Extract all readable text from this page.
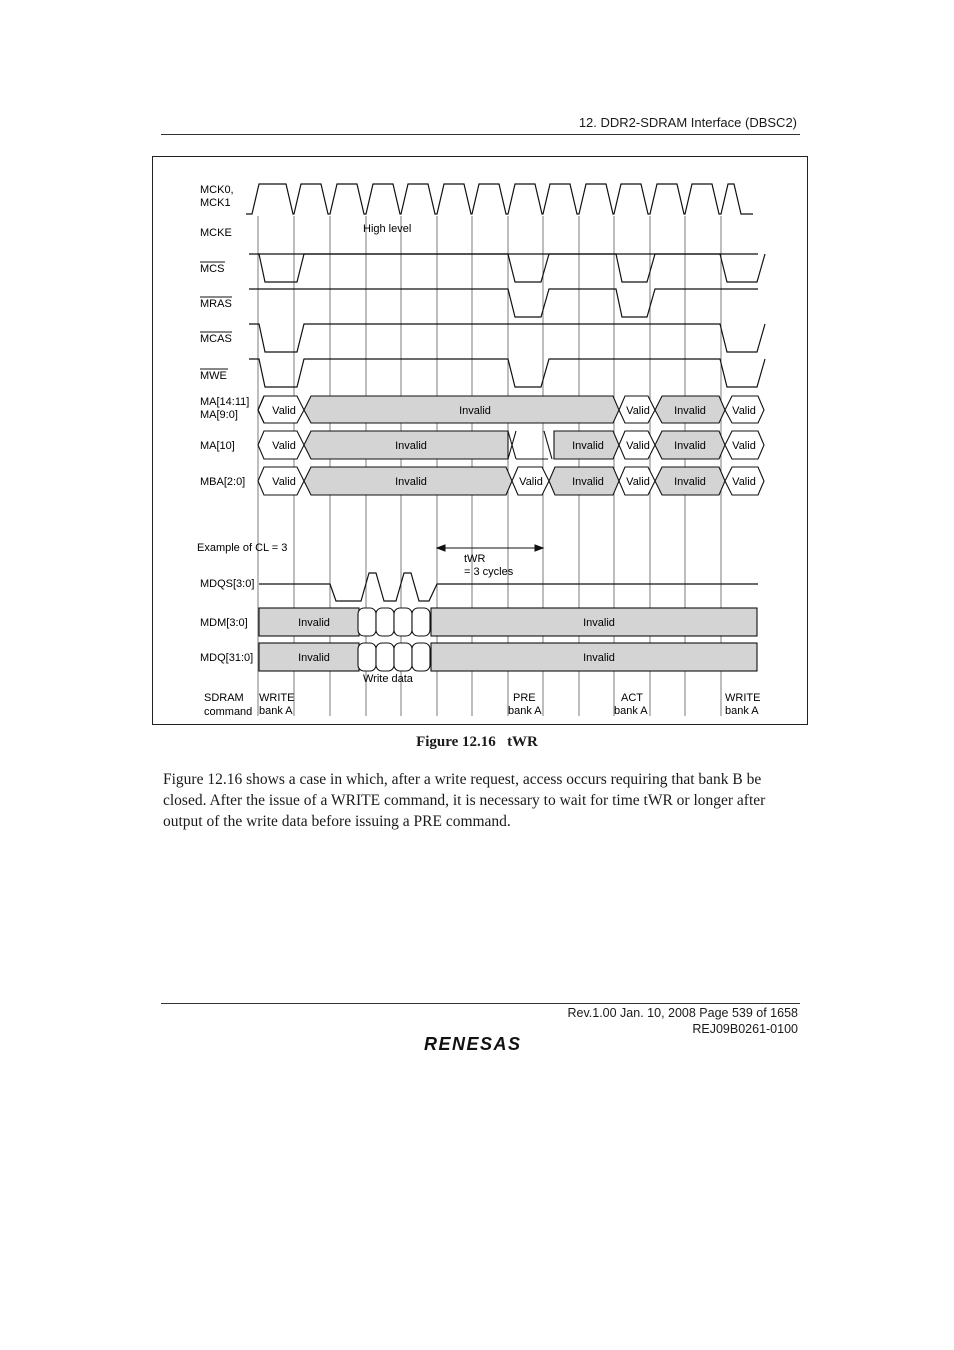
12. DDR2-SDRAM Interface (DBSC2)
MCK0,
MCK1
MCKE
MCS
MRAS
MCAS
MWE
MA[14:11]
MA[9:0]
MA[10]
MBA[2:0]
Example of CL = 3
MDQS[3:0]
MDM[3:0]
MDQ[31:0]
SDRAM
command
High level
Valid	Invalid	Valid Invalid Valid
Valid	Invalid	Invalid Valid Invalid Valid
Valid	Invalid	Valid	Invalid Valid Invalid Valid
tWR
= 3 cycles
Invalid	Invalid
Invalid	Invalid
Write data
WRITE
bank A
PRE
bank A
ACT
bank A
WRITE
bank A
Figure 12.16 tWR

Figure 12.16 shows a case in which, after a write request, access occurs requiring that bank B be closed. After the issue of a WRITE command, it is necessary to wait for time tWR or longer after output of the write data before issuing a PRE command.

Rev.1.00 Jan. 10, 2008 Page 539 of 1658
REJ09B0261-0100
RENESAS
